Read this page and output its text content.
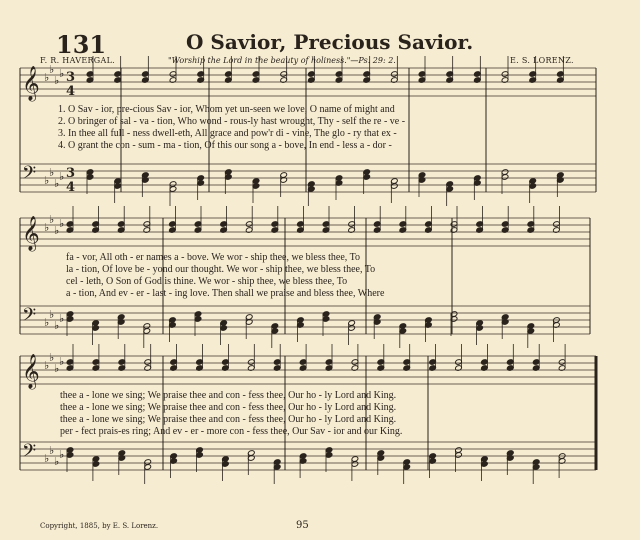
131	O Savior, Precious Savior.
F. R. HAVERGAL.	"Worship the Lord in the beauty of holiness."—Ps. 29: 2.	E. S. LORENZ.
𝄞 ♭
♭
♭
♭
𝄢 ♭
♭
♭
♭
3
4
3
4
𝄞 ♭
♭
♭
♭
𝄢 ♭
♭
♭
♭
𝄞 ♭
♭
♭
♭
𝄢 ♭
♭
♭
♭
1. O Sav - ior, pre-cious Sav - ior, Whom yet un-seen we love, O name of might and
2. O bringer of sal - va - tion, Who wond - rous-ly hast wrought, Thy - self the re - ve -
3. In thee all full - ness dwell-eth, All grace and pow'r di - vine, The glo - ry that ex -
4. O grant the con - sum - ma - tion, Of this our song a - bove, In end - less a - dor -
fa - vor, All oth - er names a - bove. We wor - ship thee, we bless thee, To
la - tion, Of love be - yond our thought. We wor - ship thee, we bless thee, To
cel - leth, O Son of God is thine. We wor - ship thee, we bless thee, To
a - tion, And ev - er - last - ing love. Then shall we praise and bless thee, Where
thee a - lone we sing; We praise thee and con - fess thee, Our ho - ly Lord and King.
thee a - lone we sing; We praise thee and con - fess thee, Our ho - ly Lord and King.
thee a - lone we sing; We praise thee and con - fess thee, Our ho - ly Lord and King.
per - fect prais-es ring; And ev - er - more con - fess thee, Our Sav - ior and our King.
Copyright, 1885, by E. S. Lorenz.	95
